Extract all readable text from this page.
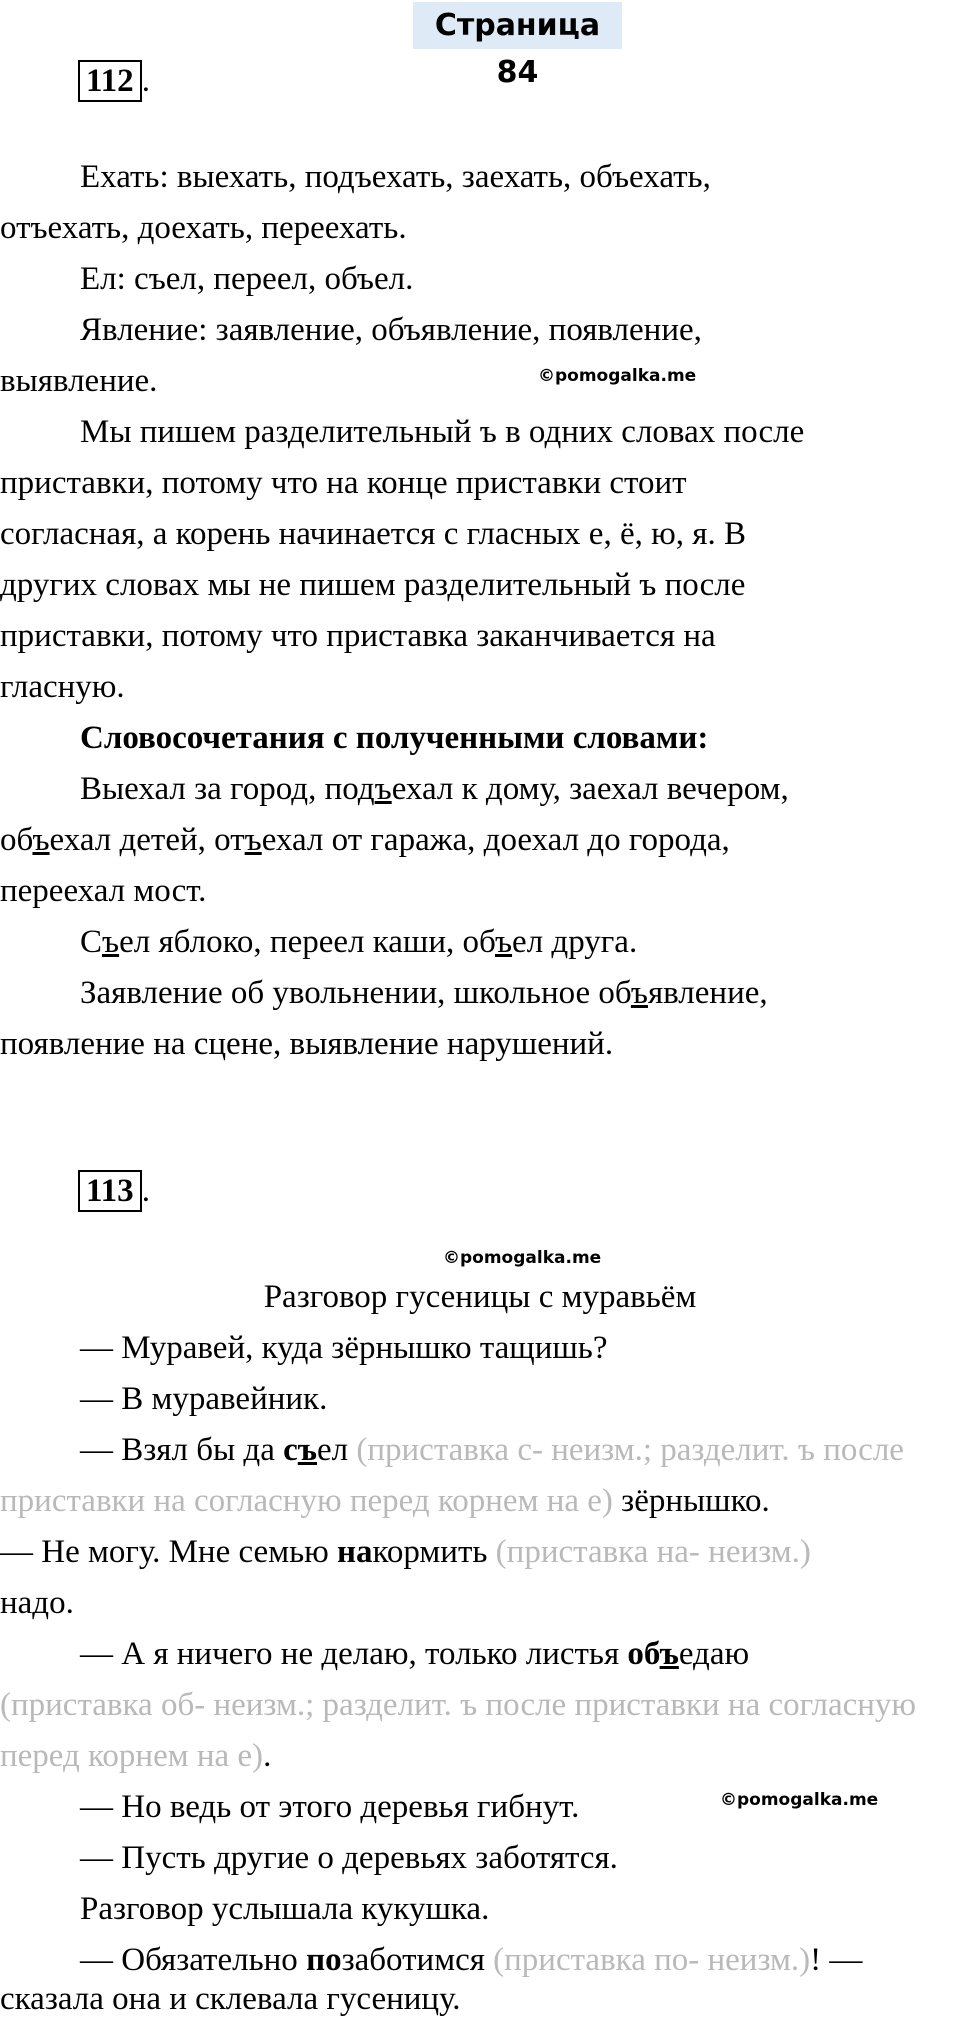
Страница 84
112 .
Ехать: выехать, подъехать, заехать, объехать,
отъехать, доехать, переехать.
Ел: съел, переел, объел.
Явление: заявление, объявление, появление,
выявление.	©pomogalka.me
Мы пишем разделительный ъ в одних словах после
приставки, потому что на конце приставки стоит
согласная, а корень начинается с гласных е, ё, ю, я. В
других словах мы не пишем разделительный ъ после
приставки, потому что приставка заканчивается на
гласную.
Словосочетания с полученными словами:
Выехал за город, подъехал к дому, заехал вечером,
объехал детей, отъехал от гаража, доехал до города,
переехал мост.
Съел яблоко, переел каши, объел друга.
Заявление об увольнении, школьное объявление,
появление на сцене, выявление нарушений.
113 .
©pomogalka.me
Разговор гусеницы с муравьём
— Муравей, куда зёрнышко тащишь?
— В муравейник.
— Взял бы да съел (приставка с- неизм.; разделит. ъ после
приставки на согласную перед корнем на е) зёрнышко.
— Не могу. Мне семью накормить (приставка на- неизм.)
надо.
— А я ничего не делаю, только листья объедаю
(приставка об- неизм.; разделит. ъ после приставки на согласную
перед корнем на е).
— Но ведь от этого деревья гибнут.	©pomogalka.me
— Пусть другие о деревьях заботятся.
Разговор услышала кукушка.
— Обязательно позаботимся (приставка по- неизм.)! —
сказала она и склевала гусеницу.
